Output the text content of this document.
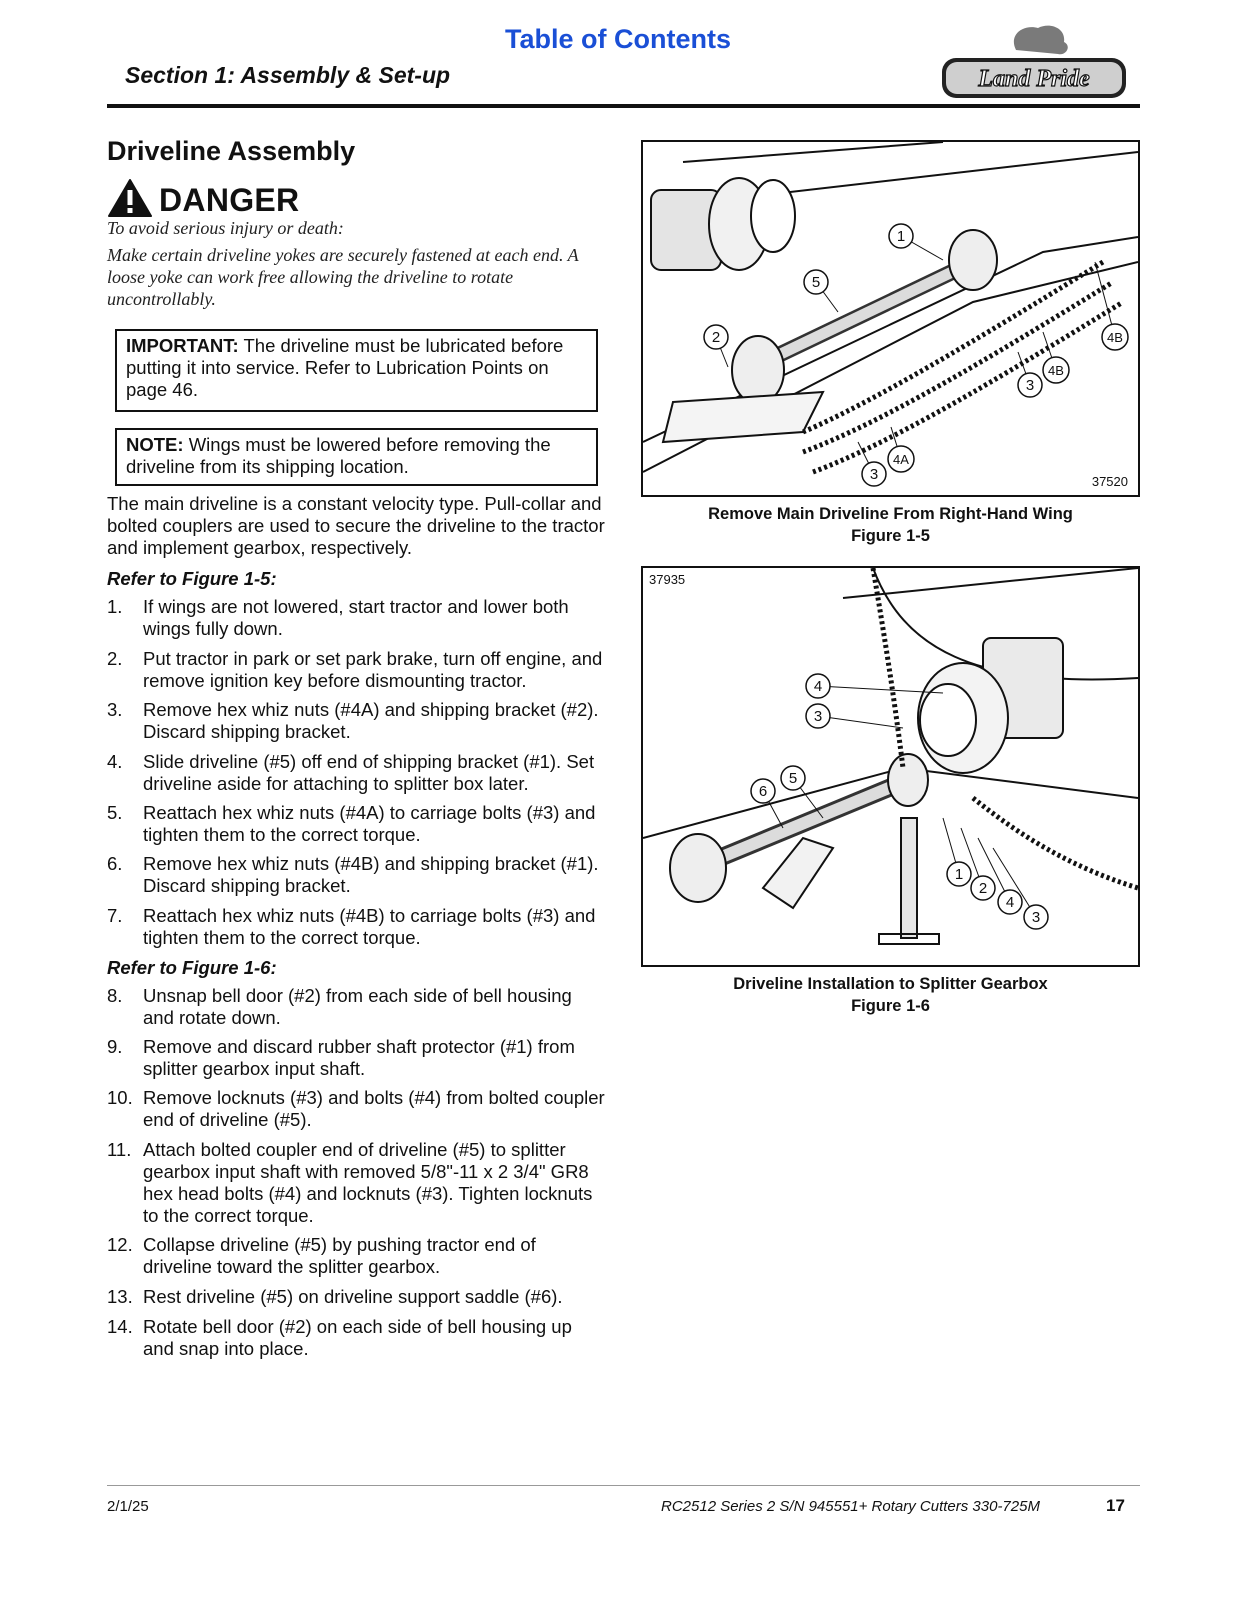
Table of Contents
Section 1: Assembly & Set-up	Land Pride
Driveline Assembly
DANGER
To avoid serious injury or death:
Make certain driveline yokes are securely fastened at each end. A loose yoke can work free allowing the driveline to rotate uncontrollably.
IMPORTANT: The driveline must be lubricated before putting it into service. Refer to Lubrication Points on page 46.
NOTE: Wings must be lowered before removing the driveline from its shipping location.
The main driveline is a constant velocity type. Pull-collar and bolted couplers are used to secure the driveline to the tractor and implement gearbox, respectively.
Refer to Figure 1-5:
1. If wings are not lowered, start tractor and lower both wings fully down.
2. Put tractor in park or set park brake, turn off engine, and remove ignition key before dismounting tractor.
3. Remove hex whiz nuts (#4A) and shipping bracket (#2). Discard shipping bracket.
4. Slide driveline (#5) off end of shipping bracket (#1). Set driveline aside for attaching to splitter box later.
5. Reattach hex whiz nuts (#4A) to carriage bolts (#3) and tighten them to the correct torque.
6. Remove hex whiz nuts (#4B) and shipping bracket (#1). Discard shipping bracket.
7. Reattach hex whiz nuts (#4B) to carriage bolts (#3) and tighten them to the correct torque.
Refer to Figure 1-6:
8. Unsnap bell door (#2) from each side of bell housing and rotate down.
9. Remove and discard rubber shaft protector (#1) from splitter gearbox input shaft.
10. Remove locknuts (#3) and bolts (#4) from bolted coupler end of driveline (#5).
11. Attach bolted coupler end of driveline (#5) to splitter gearbox input shaft with removed 5/8"-11 x 2 3/4" GR8 hex head bolts (#4) and locknuts (#3). Tighten locknuts to the correct torque.
12. Collapse driveline (#5) by pushing tractor end of driveline toward the splitter gearbox.
13. Rest driveline (#5) on driveline support saddle (#6).
14. Rotate bell door (#2) on each side of bell housing up and snap into place.
1
5
2	4B
4B
3
3
4A
37520
Remove Main Driveline From Right-Hand Wing
Figure 1-5
4
3
6
5
1
2
4
3
37935
Driveline Installation to Splitter Gearbox
Figure 1-6
2/1/25	RC2512 Series 2 S/N 945551+ Rotary Cutters 330-725M	17
